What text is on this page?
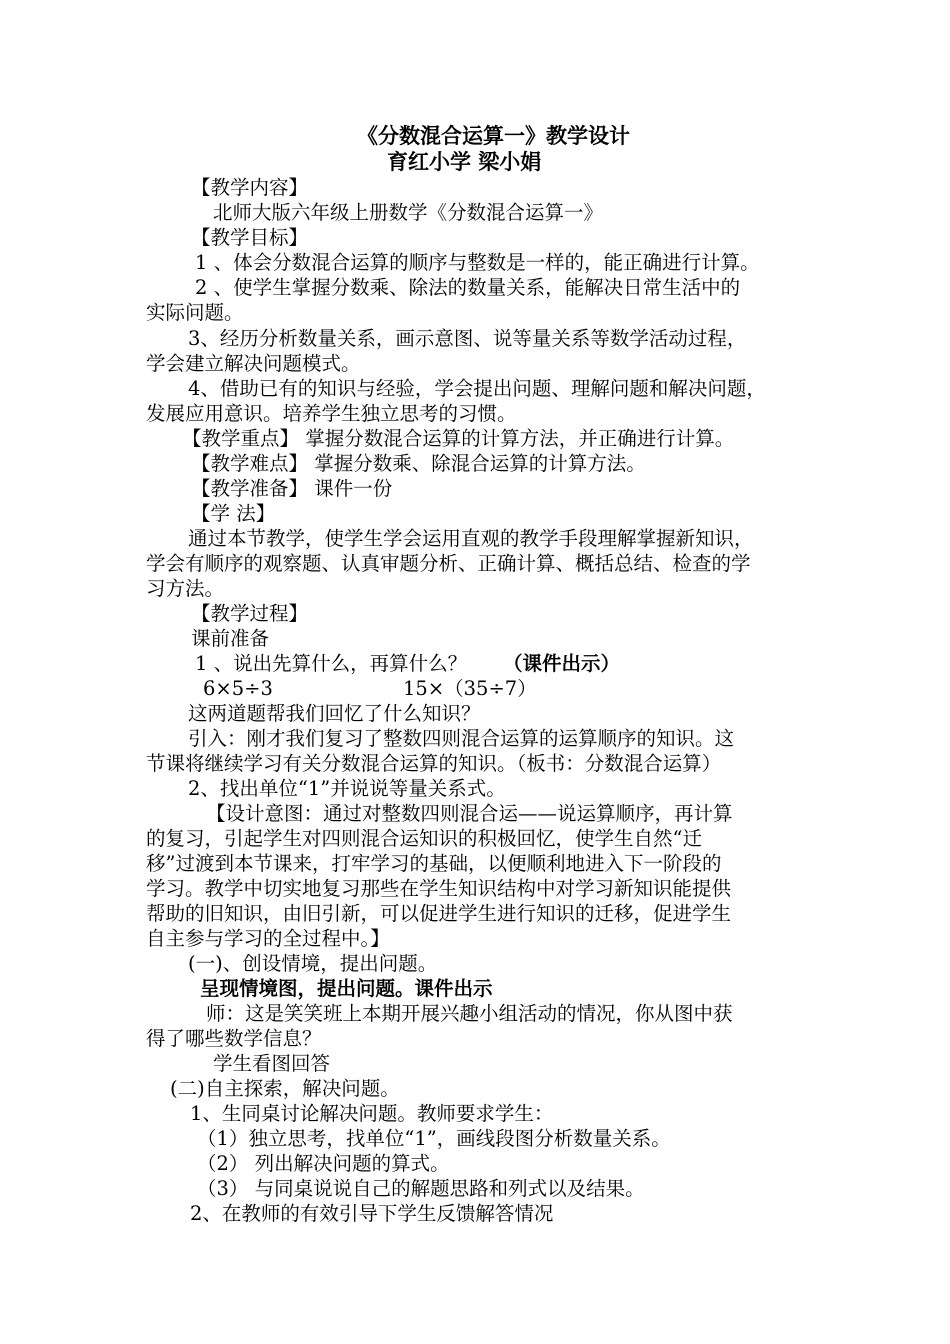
《分数混合运算一》教学设计
育红小学 梁小娟
【教学内容】
北师大版六年级上册数学《分数混合运算一》
【教学目标】
1 、体会分数混合运算的顺序与整数是一样的，能正确进行计算。
2 、使学生掌握分数乘、除法的数量关系，能解决日常生活中的
实际问题。
3、经历分析数量关系，画示意图、说等量关系等数学活动过程，
学会建立解决问题模式。
4、借助已有的知识与经验，学会提出问题、理解问题和解决问题，
发展应用意识。培养学生独立思考的习惯。
【教学重点】 掌握分数混合运算的计算方法，并正确进行计算。
【教学难点】 掌握分数乘、除混合运算的计算方法。
【教学准备】 课件一份
【学 法】
通过本节教学，使学生学会运用直观的教学手段理解掌握新知识，
学会有顺序的观察题、认真审题分析、正确计算、概括总结、检查的学
习方法。
【教学过程】
课前准备
1 、说出先算什么，再算什么？ （课件出示）
6×5÷3	15×（35÷7）
这两道题帮我们回忆了什么知识？
引入：刚才我们复习了整数四则混合运算的运算顺序的知识。这
节课将继续学习有关分数混合运算的知识。（板书：分数混合运算）
2、找出单位“1”并说说等量关系式。
【设计意图：通过对整数四则混合运——说运算顺序，再计算
的复习，引起学生对四则混合运知识的积极回忆，使学生自然“迁
移”过渡到本节课来，打牢学习的基础，以便顺利地进入下一阶段的
学习。教学中切实地复习那些在学生知识结构中对学习新知识能提供
帮助的旧知识，由旧引新，可以促进学生进行知识的迁移，促进学生
自主参与学习的全过程中。】
(一)、创设情境，提出问题。
呈现情境图，提出问题。课件出示
师：这是笑笑班上本期开展兴趣小组活动的情况，你从图中获
得了哪些数学信息？
学生看图回答
(二)自主探索，解决问题。
1、生同桌讨论解决问题。教师要求学生：
（1）独立思考，找单位“1”，画线段图分析数量关系。
（2） 列出解决问题的算式。
（3） 与同桌说说自己的解题思路和列式以及结果。
2、在教师的有效引导下学生反馈解答情况
